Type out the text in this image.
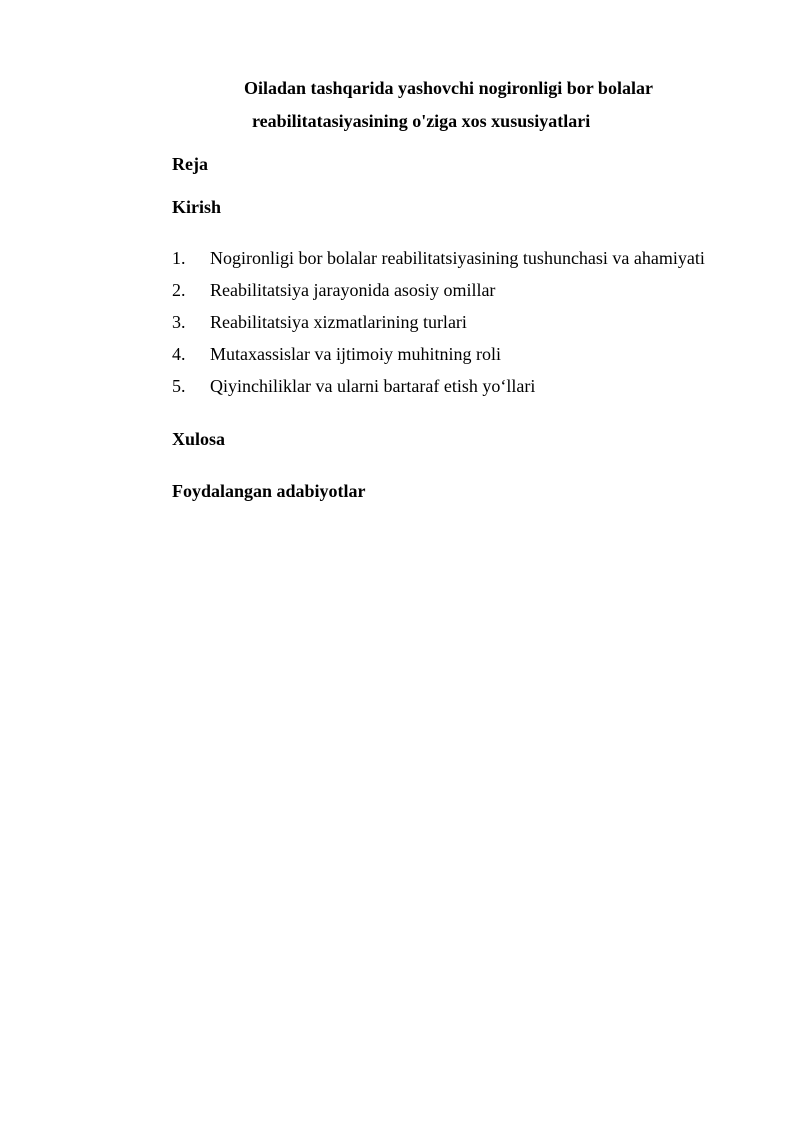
Oiladan tashqarida yashovchi nogironligi bor bolalar
reabilitatasiyasining o'ziga xos xususiyatlari
Reja
Kirish
1.	Nogironligi bor bolalar reabilitatsiyasining tushunchasi va ahamiyati
2.	Reabilitatsiya jarayonida asosiy omillar
3.	Reabilitatsiya xizmatlarining turlari
4.	Mutaxassislar va ijtimoiy muhitning roli
5.	Qiyinchiliklar va ularni bartaraf etish yo‘llari
Xulosa
Foydalangan adabiyotlar
